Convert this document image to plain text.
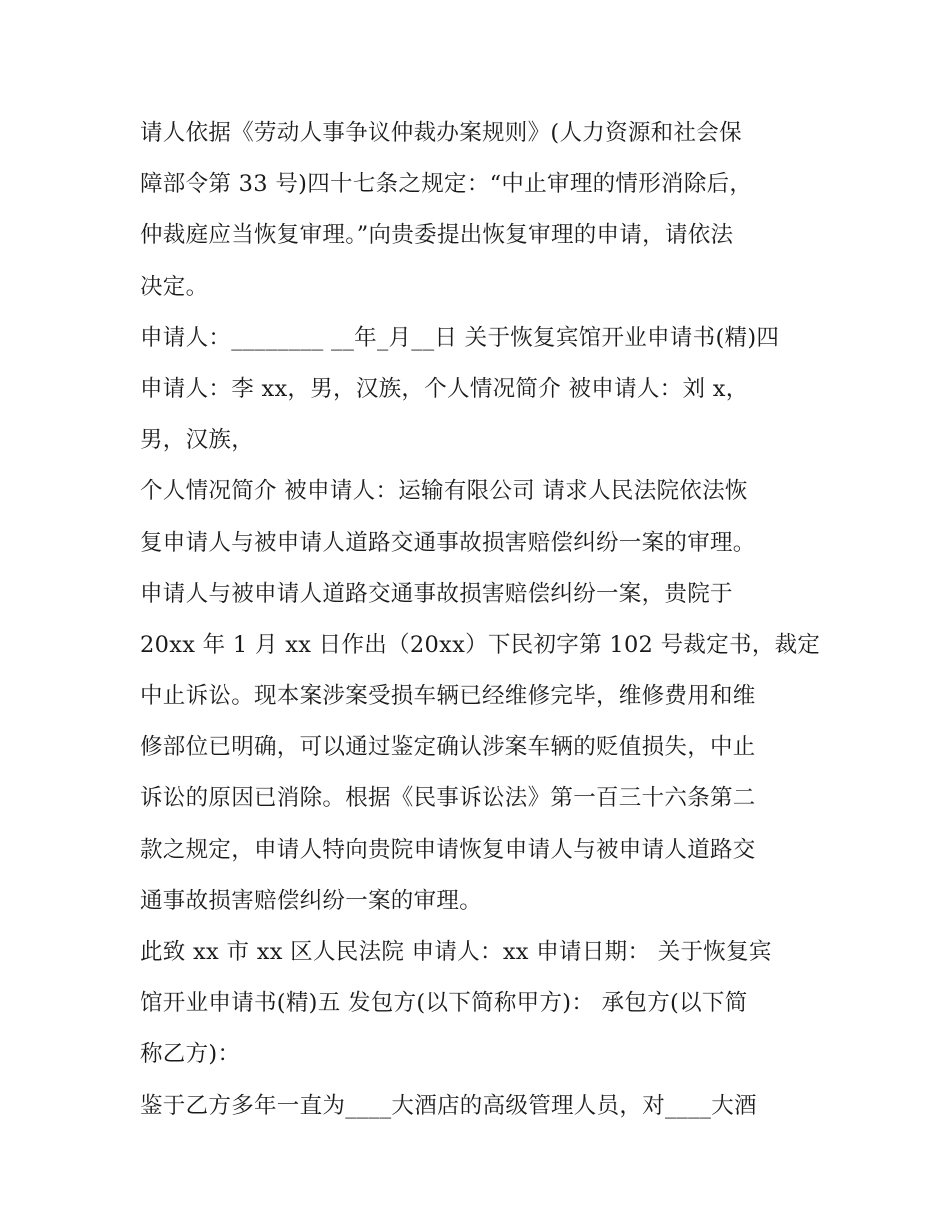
请人依据《劳动人事争议仲裁办案规则》(人力资源和社会保
障部令第 33 号)四十七条之规定：“中止审理的情形消除后，
仲裁庭应当恢复审理。”向贵委提出恢复审理的申请，请依法
决定。
申请人：________ __年_月__日 关于恢复宾馆开业申请书(精)四
申请人：李 xx，男，汉族，个人情况简介 被申请人：刘 x，
男，汉族，
个人情况简介 被申请人：运输有限公司 请求人民法院依法恢
复申请人与被申请人道路交通事故损害赔偿纠纷一案的审理。
申请人与被申请人道路交通事故损害赔偿纠纷一案，贵院于
20xx 年 1 月 xx 日作出（20xx）下民初字第 102 号裁定书，裁定
中止诉讼。现本案涉案受损车辆已经维修完毕，维修费用和维
修部位已明确，可以通过鉴定确认涉案车辆的贬值损失，中止
诉讼的原因已消除。根据《民事诉讼法》第一百三十六条第二
款之规定，申请人特向贵院申请恢复申请人与被申请人道路交
通事故损害赔偿纠纷一案的审理。
此致 xx 市 xx 区人民法院 申请人：xx 申请日期： 关于恢复宾
馆开业申请书(精)五 发包方(以下简称甲方)： 承包方(以下简
称乙方)：
鉴于乙方多年一直为____大酒店的高级管理人员，对____大酒
